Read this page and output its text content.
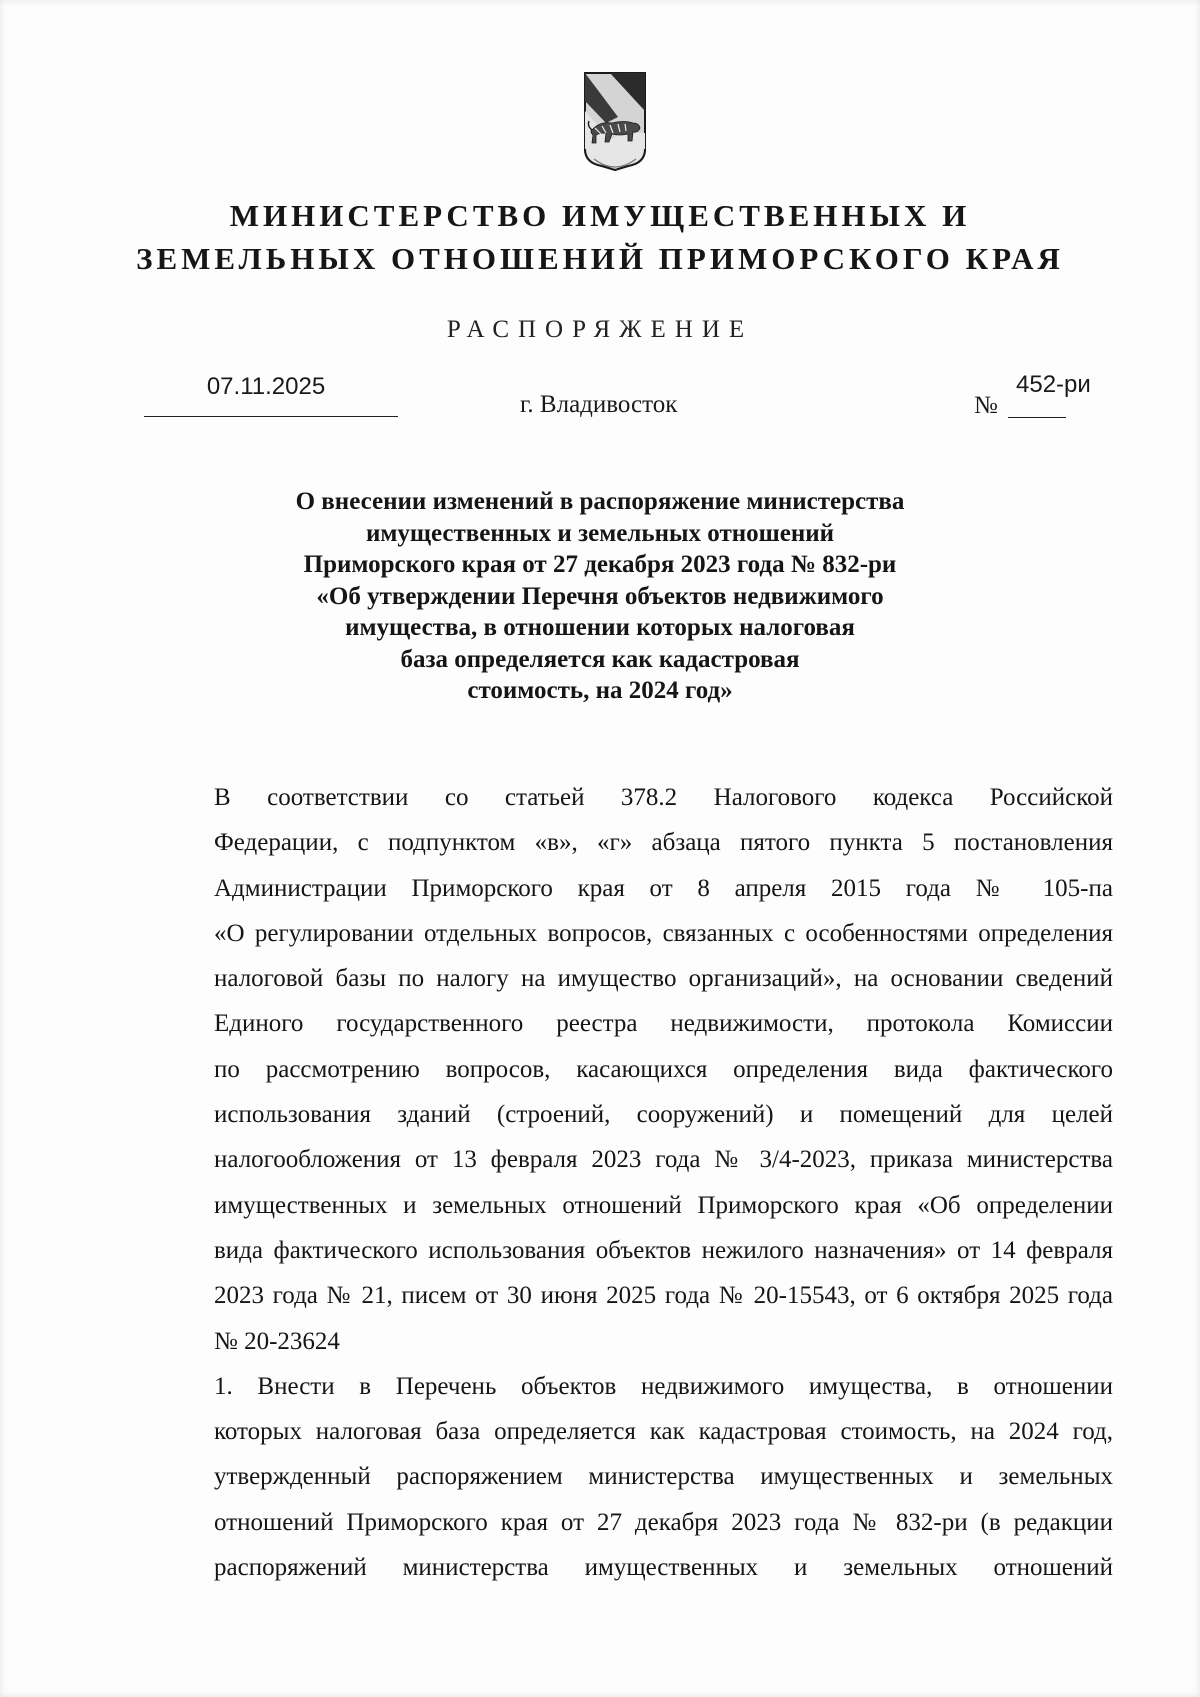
МИНИСТЕРСТВО ИМУЩЕСТВЕННЫХ И
ЗЕМЕЛЬНЫХ ОТНОШЕНИЙ ПРИМОРСКОГО КРАЯ
РАСПОРЯЖЕНИЕ
07.11.2025
г. Владивосток	№
452-ри
О внесении изменений в распоряжение министерства
имущественных и земельных отношений
Приморского края от 27 декабря 2023 года № 832-ри
«Об утверждении Перечня объектов недвижимого
имущества, в отношении которых налоговая
база определяется как кадастровая
стоимость, на 2024 год»
В соответствии со статьей 378.2 Налогового кодекса Российской
Федерации, с подпунктом «в», «г» абзаца пятого пункта 5 постановления
Администрации Приморского края от 8 апреля 2015 года № 105-па
«О регулировании отдельных вопросов, связанных с особенностями определения
налоговой базы по налогу на имущество организаций», на основании сведений
Единого государственного реестра недвижимости, протокола Комиссии
по рассмотрению вопросов, касающихся определения вида фактического
использования зданий (строений, сооружений) и помещений для целей
налогообложения от 13 февраля 2023 года № 3/4-2023, приказа министерства
имущественных и земельных отношений Приморского края «Об определении
вида фактического использования объектов нежилого назначения» от 14 февраля
2023 года № 21, писем от 30 июня 2025 года № 20-15543, от 6 октября 2025 года
№ 20-23624
1. Внести в Перечень объектов недвижимого имущества, в отношении
которых налоговая база определяется как кадастровая стоимость, на 2024 год,
утвержденный распоряжением министерства имущественных и земельных
отношений Приморского края от 27 декабря 2023 года № 832-ри (в редакции
распоряжений министерства имущественных и земельных отношений
